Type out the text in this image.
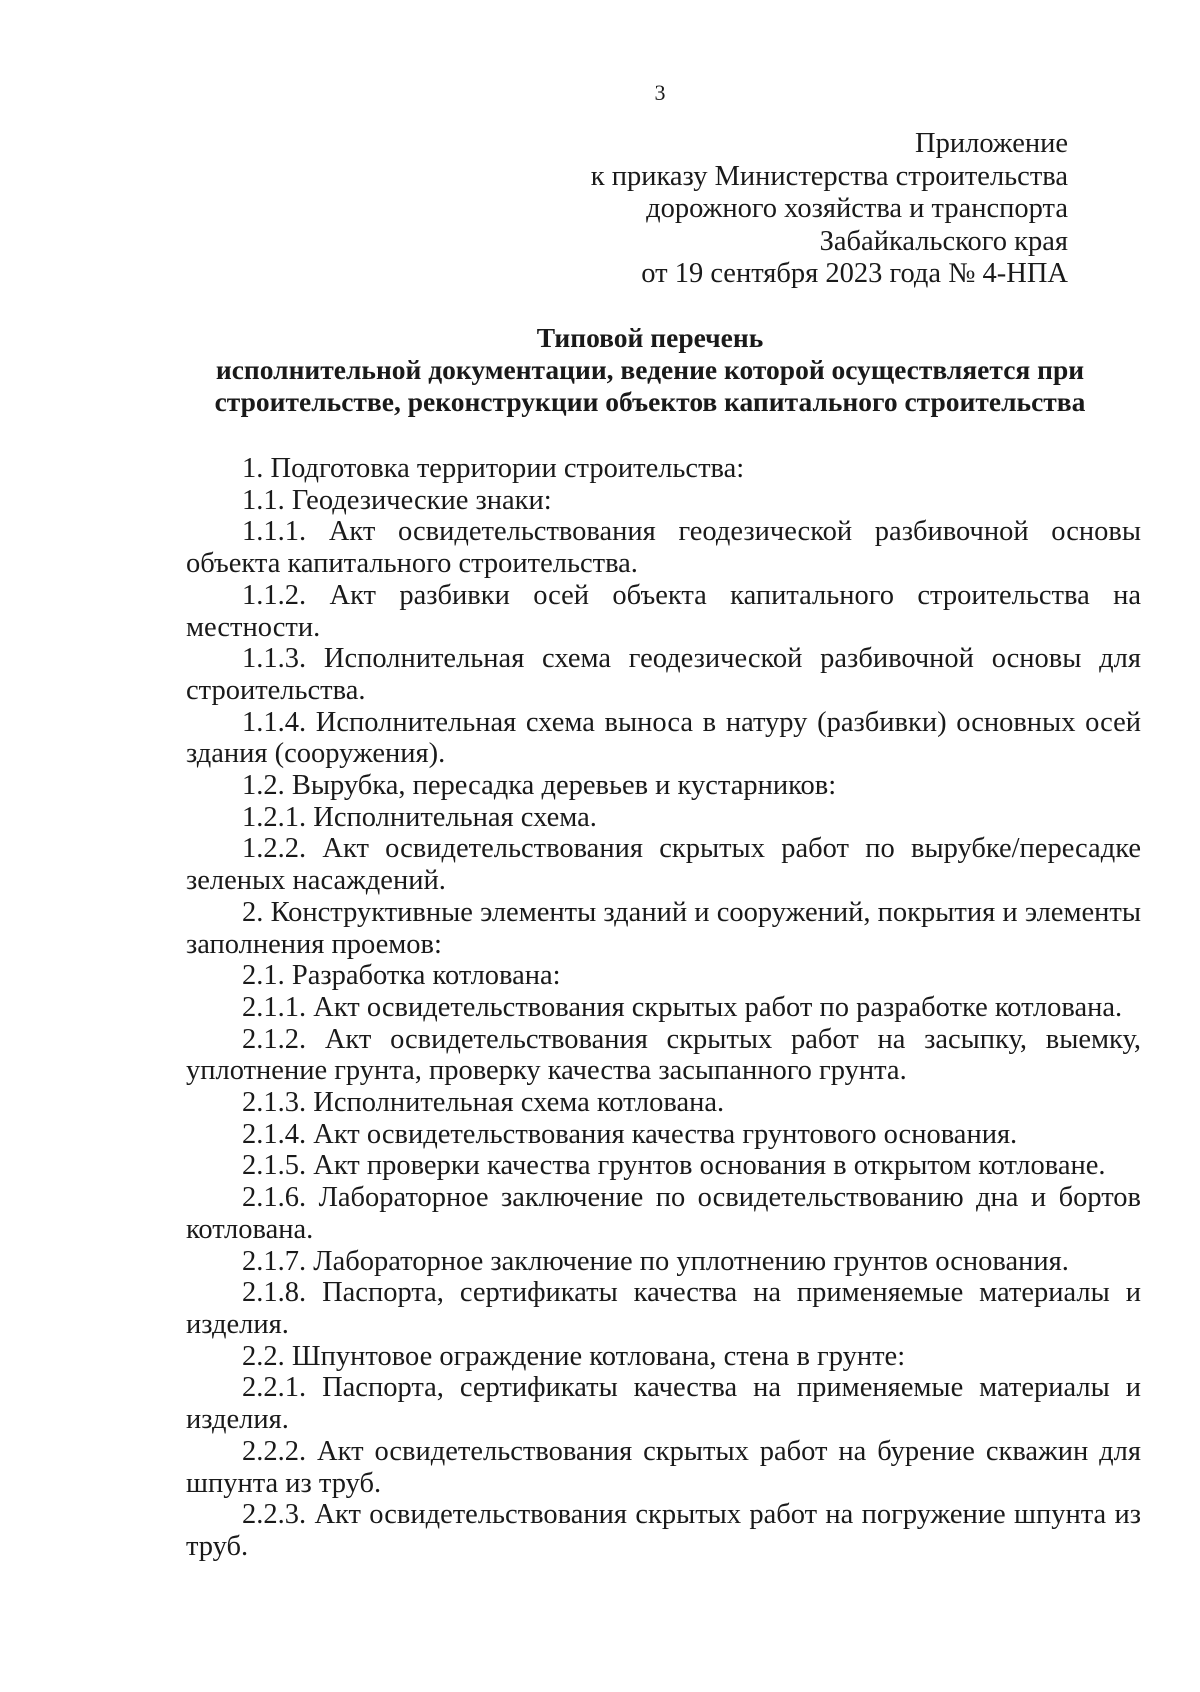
3
Приложение
к приказу Министерства строительства
дорожного хозяйства и транспорта
Забайкальского края
от 19 сентября 2023 года № 4-НПА
Типовой перечень
исполнительной документации, ведение которой осуществляется при
строительстве, реконструкции объектов капитального строительства

1. Подготовка территории строительства:

1.1. Геодезические знаки:

1.1.1. Акт освидетельствования геодезической разбивочной основы объекта капитального строительства.

1.1.2. Акт разбивки осей объекта капитального строительства на местности.

1.1.3. Исполнительная схема геодезической разбивочной основы для строительства.

1.1.4. Исполнительная схема выноса в натуру (разбивки) основных осей здания (сооружения).

1.2. Вырубка, пересадка деревьев и кустарников:

1.2.1. Исполнительная схема.

1.2.2. Акт освидетельствования скрытых работ по вырубке/пересадке зеленых насаждений.

2. Конструктивные элементы зданий и сооружений, покрытия и элементы заполнения проемов:

2.1. Разработка котлована:

2.1.1. Акт освидетельствования скрытых работ по разработке котлована.

2.1.2. Акт освидетельствования скрытых работ на засыпку, выемку, уплотнение грунта, проверку качества засыпанного грунта.

2.1.3. Исполнительная схема котлована.

2.1.4. Акт освидетельствования качества грунтового основания.

2.1.5. Акт проверки качества грунтов основания в открытом котловане.

2.1.6. Лабораторное заключение по освидетельствованию дна и бортов котлована.

2.1.7. Лабораторное заключение по уплотнению грунтов основания.

2.1.8. Паспорта, сертификаты качества на применяемые материалы и изделия.

2.2. Шпунтовое ограждение котлована, стена в грунте:

2.2.1. Паспорта, сертификаты качества на применяемые материалы и изделия.

2.2.2. Акт освидетельствования скрытых работ на бурение скважин для шпунта из труб.

2.2.3. Акт освидетельствования скрытых работ на погружение шпунта из труб.
